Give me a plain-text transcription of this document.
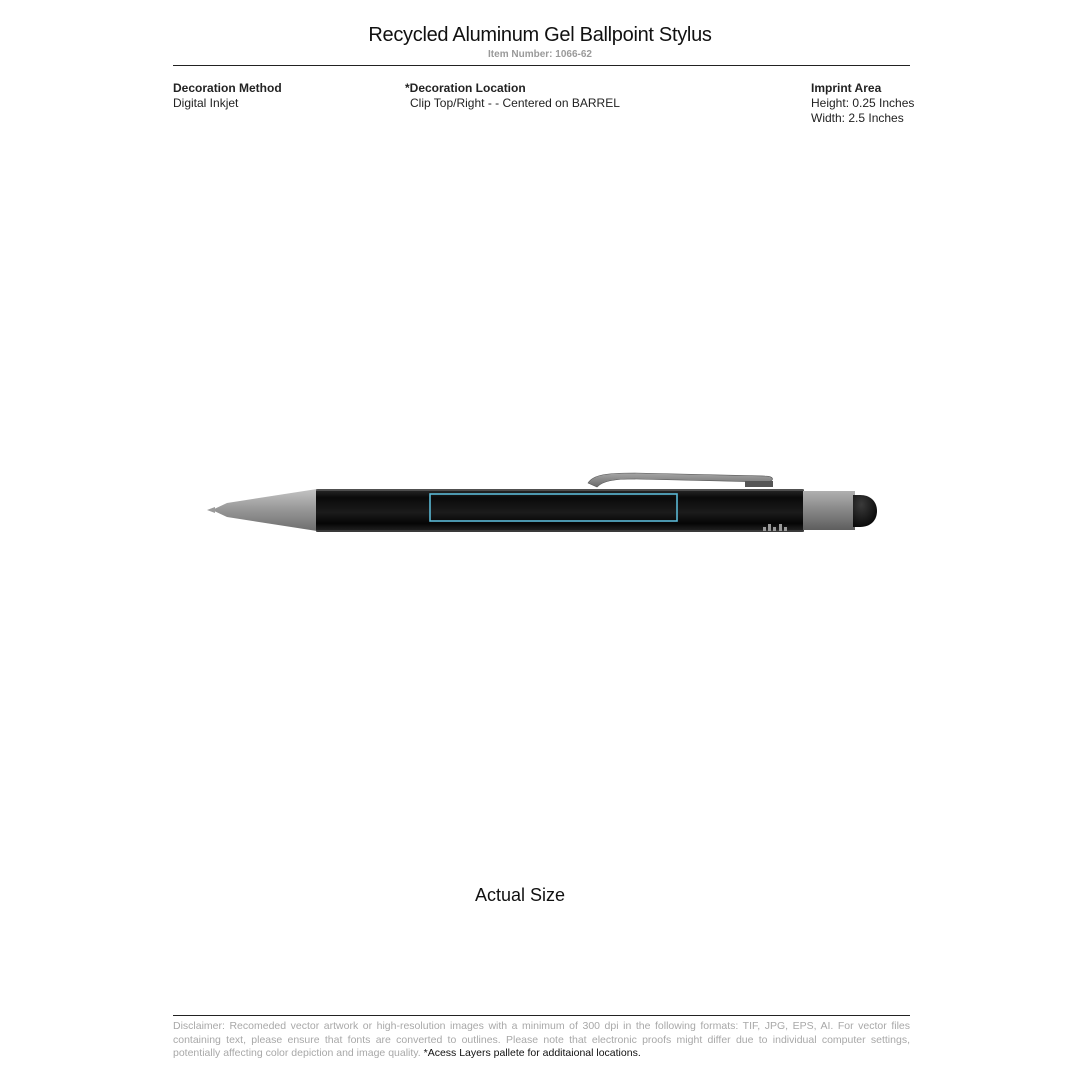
Recycled Aluminum Gel Ballpoint Stylus
Item Number: 1066-62
Decoration Method
Digital Inkjet
*Decoration Location
Clip Top/Right - - Centered on BARREL
Imprint Area
Height: 0.25 Inches
Width: 2.5 Inches
Actual Size
Disclaimer: Recomeded vector artwork or high-resolution images with a minimum of 300 dpi in the following formats: TIF, JPG, EPS, AI. For vector files containing text, please ensure that fonts are converted to outlines. Please note that electronic proofs might differ due to individual computer settings, potentially affecting color depiction and image quality. *Acess Layers pallete for additaional locations.
